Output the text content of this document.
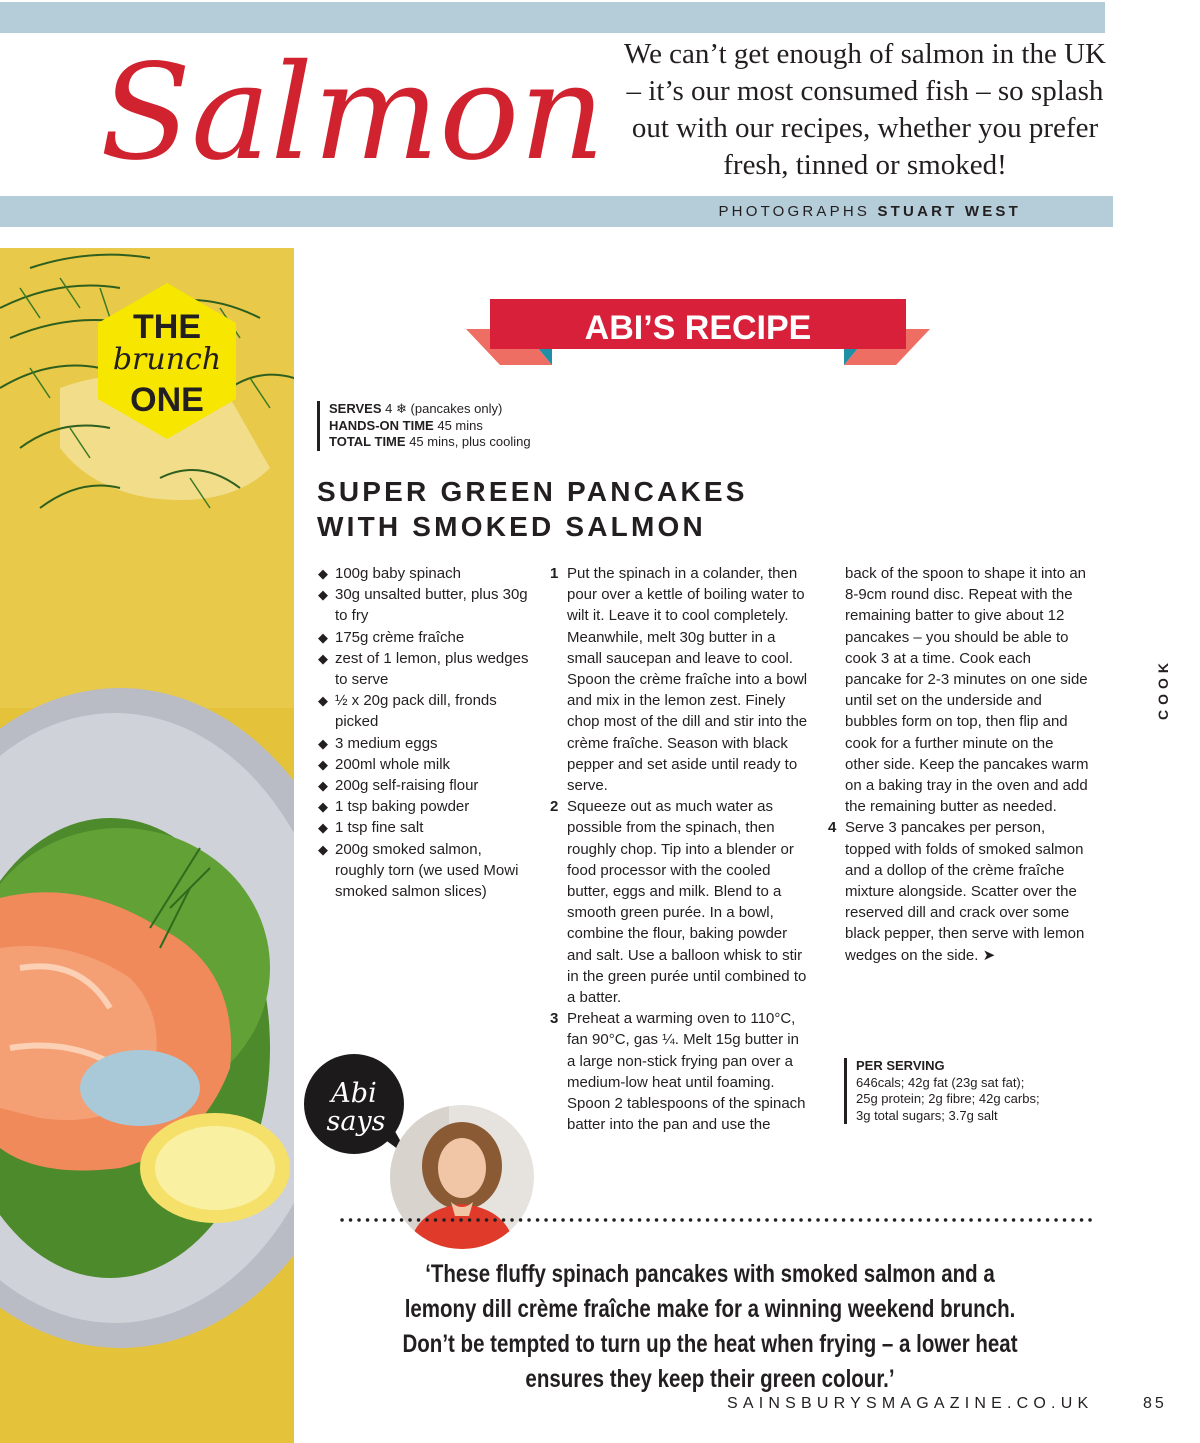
Salmon We can’t get enough of salmon in the UK – it’s our most consumed fish – so splash out with our recipes, whether you prefer fresh, tinned or smoked!

PHOTOGRAPHS STUART WEST
THE
brunch
ONE
ABI’S RECIPE
SERVES 4 ❄ (pancakes only)
HANDS-ON TIME 45 mins
TOTAL TIME 45 mins, plus cooling
SUPER GREEN PANCAKES
WITH SMOKED SALMON
◆ 100g baby spinach
◆ 30g unsalted butter, plus 30g to fry
◆ 175g crème fraîche
◆ zest of 1 lemon, plus wedges to serve
◆ ½ x 20g pack dill, fronds picked
◆ 3 medium eggs
◆ 200ml whole milk
◆ 200g self-raising flour
◆ 1 tsp baking powder
◆ 1 tsp fine salt
◆ 200g smoked salmon, roughly torn (we used Mowi smoked salmon slices)
1 Put the spinach in a colander, then pour over a kettle of boiling water to wilt it. Leave it to cool completely. Meanwhile, melt 30g butter in a small saucepan and leave to cool. Spoon the crème fraîche into a bowl and mix in the lemon zest. Finely chop most of the dill and stir into the crème fraîche. Season with black pepper and set aside until ready to serve.
2 Squeeze out as much water as possible from the spinach, then roughly chop. Tip into a blender or food processor with the cooled butter, eggs and milk. Blend to a smooth green purée. In a bowl, combine the flour, baking powder and salt. Use a balloon whisk to stir in the green purée until combined to a batter.
3 Preheat a warming oven to 110°C, fan 90°C, gas ¼. Melt 15g butter in a large non-stick frying pan over a medium-low heat until foaming. Spoon 2 tablespoons of the spinach batter into the pan and use the
back of the spoon to shape it into an 8-9cm round disc. Repeat with the remaining batter to give about 12 pancakes – you should be able to cook 3 at a time. Cook each pancake for 2-3 minutes on one side until set on the underside and bubbles form on top, then flip and cook for a further minute on the other side. Keep the pancakes warm on a baking tray in the oven and add the remaining butter as needed.
4 Serve 3 pancakes per person, topped with folds of smoked salmon and a dollop of the crème fraîche mixture alongside. Scatter over the reserved dill and crack over some black pepper, then serve with lemon wedges on the side. ➤
PER SERVING
646cals; 42g fat (23g sat fat);
25g protein; 2g fibre; 42g carbs;
3g total sugars; 3.7g salt
COOK
Abi
says

‘These fluffy spinach pancakes with smoked salmon and a lemony dill crème fraîche make for a winning weekend brunch. Don’t be tempted to turn up the heat when frying – a lower heat ensures they keep their green colour.’

SAINSBURYSMAGAZINE.CO.UK	85
